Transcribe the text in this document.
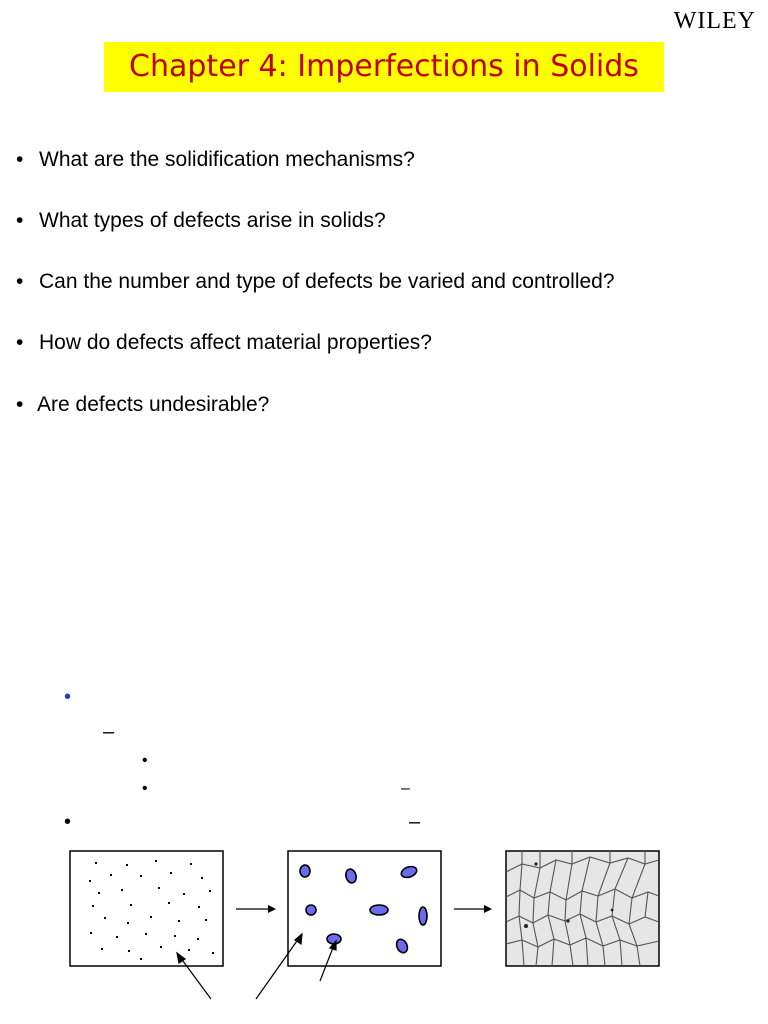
Chapter 4: Imperfections in Solids
• What are the solidification mechanisms?
• What types of defects arise in solids?
• Can the number and type of defects be varied and controlled?
• How do defects affect material properties?
• Are defects undesirable?
WILEY
•
–
•
•	–
•	–
